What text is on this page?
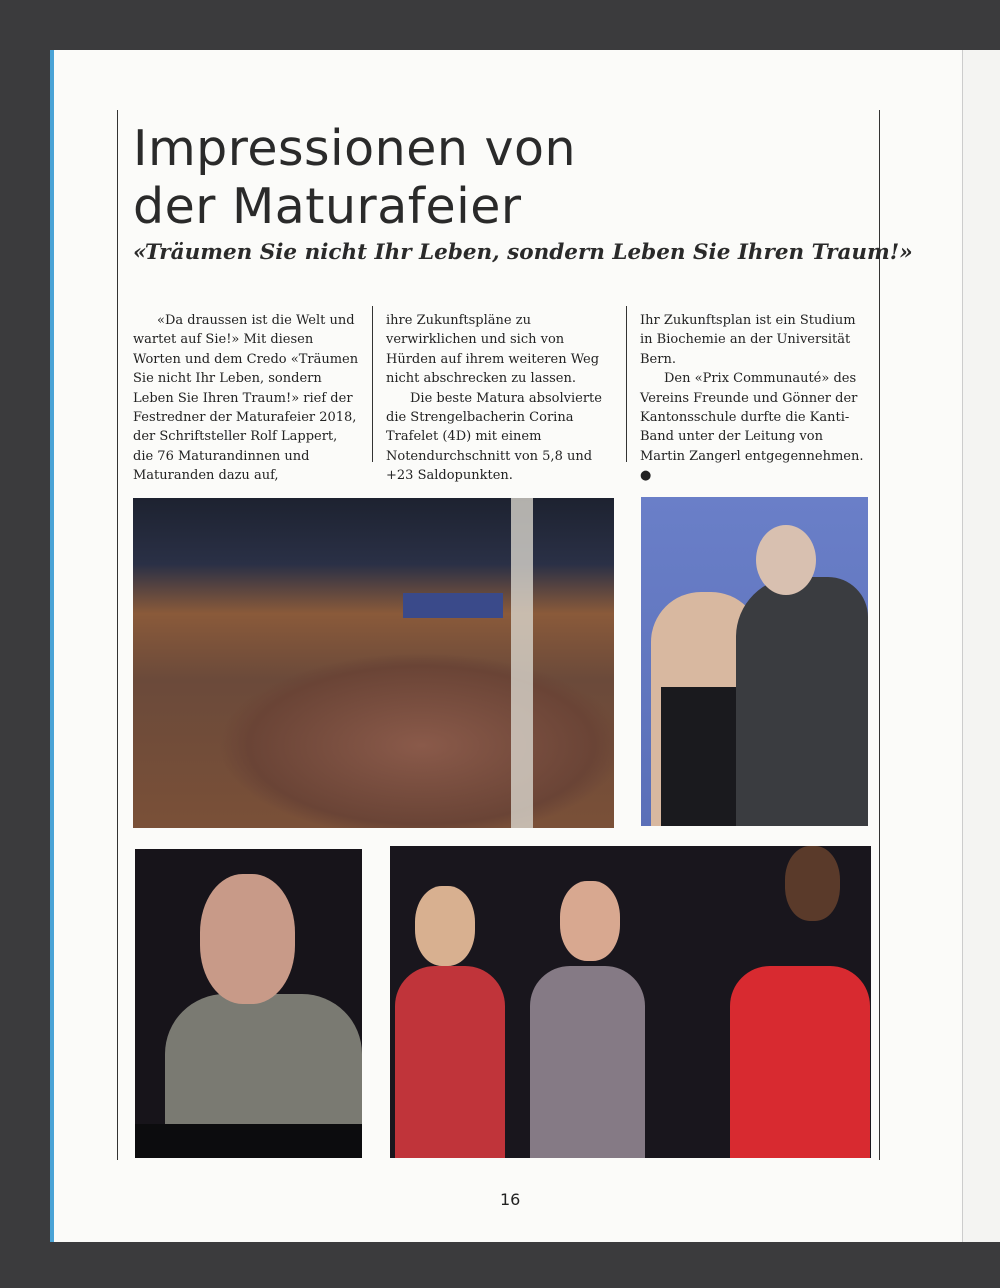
Impressionen von
der Maturafeier
«Träumen Sie nicht Ihr Leben, sondern Leben Sie Ihren Traum!»

«Da draussen ist die Welt und wartet auf Sie!» Mit diesen Worten und dem Credo «Träumen Sie nicht Ihr Leben, sondern Leben Sie Ihren Traum!» rief der Festredner der Maturafeier 2018, der Schriftsteller Rolf Lappert, die 76 Maturandinnen und Maturanden dazu auf,

ihre Zukunftspläne zu verwirklichen und sich von Hürden auf ihrem weiteren Weg nicht abschrecken zu lassen.

Die beste Matura absolvierte die Strengelbacherin Corina Trafelet (4D) mit einem Notendurchschnitt von 5,8 und +23 Saldopunkten.

Ihr Zukunftsplan ist ein Studium in Biochemie an der Universität Bern.

Den «Prix Communauté» des Vereins Freunde und Gönner der Kantonsschule durfte die Kanti-Band unter der Leitung von Martin Zangerl entgegennehmen. ●

16
